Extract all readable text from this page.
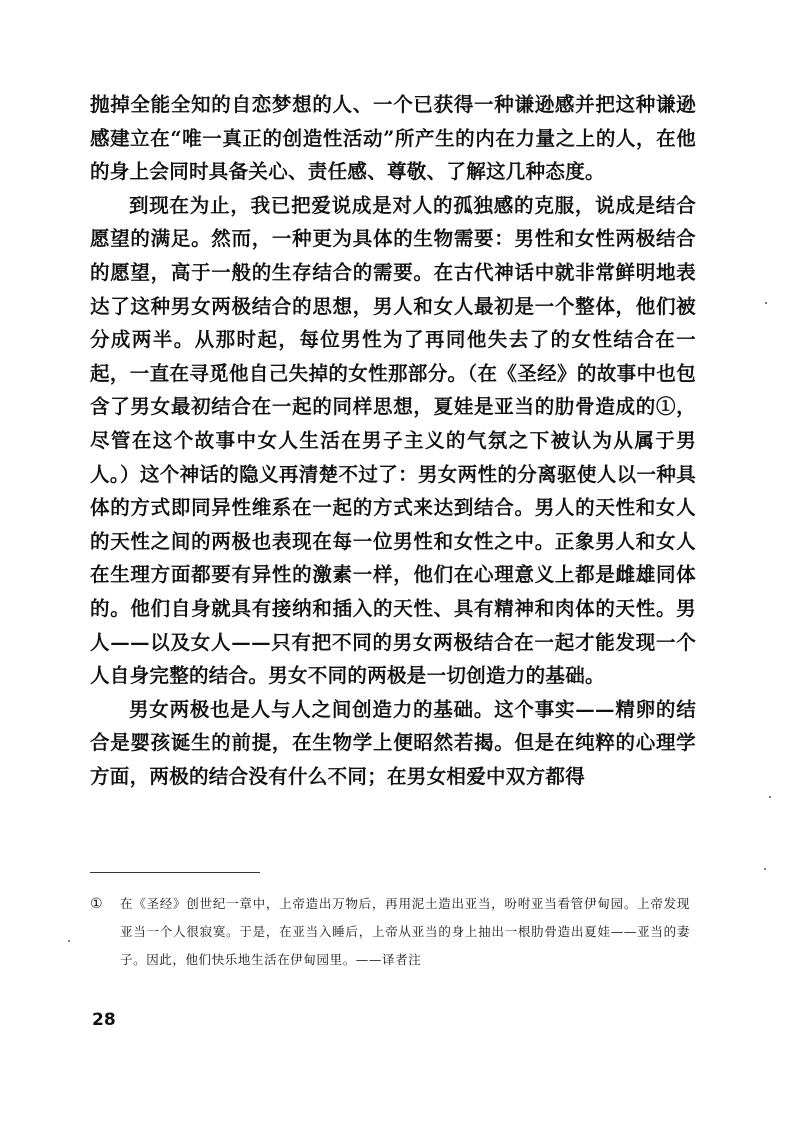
抛掉全能全知的自恋梦想的人、一个已获得一种谦逊感并把这种谦逊感建立在“唯一真正的创造性活动”所产生的内在力量之上的人，在他的身上会同时具备关心、责任感、尊敬、了解这几种态度。

到现在为止，我已把爱说成是对人的孤独感的克服，说成是结合愿望的满足。然而，一种更为具体的生物需要：男性和女性两极结合的愿望，高于一般的生存结合的需要。在古代神话中就非常鲜明地表达了这种男女两极结合的思想，男人和女人最初是一个整体，他们被分成两半。从那时起，每位男性为了再同他失去了的女性结合在一起，一直在寻觅他自己失掉的女性那部分。（在《圣经》的故事中也包含了男女最初结合在一起的同样思想，夏娃是亚当的肋骨造成的①，尽管在这个故事中女人生活在男子主义的气氛之下被认为从属于男人。）这个神话的隐义再清楚不过了：男女两性的分离驱使人以一种具体的方式即同异性维系在一起的方式来达到结合。男人的天性和女人的天性之间的两极也表现在每一位男性和女性之中。正象男人和女人在生理方面都要有异性的激素一样，他们在心理意义上都是雌雄同体的。他们自身就具有接纳和插入的天性、具有精神和肉体的天性。男人——以及女人——只有把不同的男女两极结合在一起才能发现一个人自身完整的结合。男女不同的两极是一切创造力的基础。

男女两极也是人与人之间创造力的基础。这个事实——精卵的结合是婴孩诞生的前提，在生物学上便昭然若揭。但是在纯粹的心理学方面，两极的结合没有什么不同；在男女相爱中双方都得

① 在《圣经》创世纪一章中，上帝造出万物后，再用泥土造出亚当，吩咐亚当看管伊甸园。上帝发现亚当一个人很寂寞。于是，在亚当入睡后，上帝从亚当的身上抽出一根肋骨造出夏娃——亚当的妻子。因此，他们快乐地生活在伊甸园里。——译者注
28
